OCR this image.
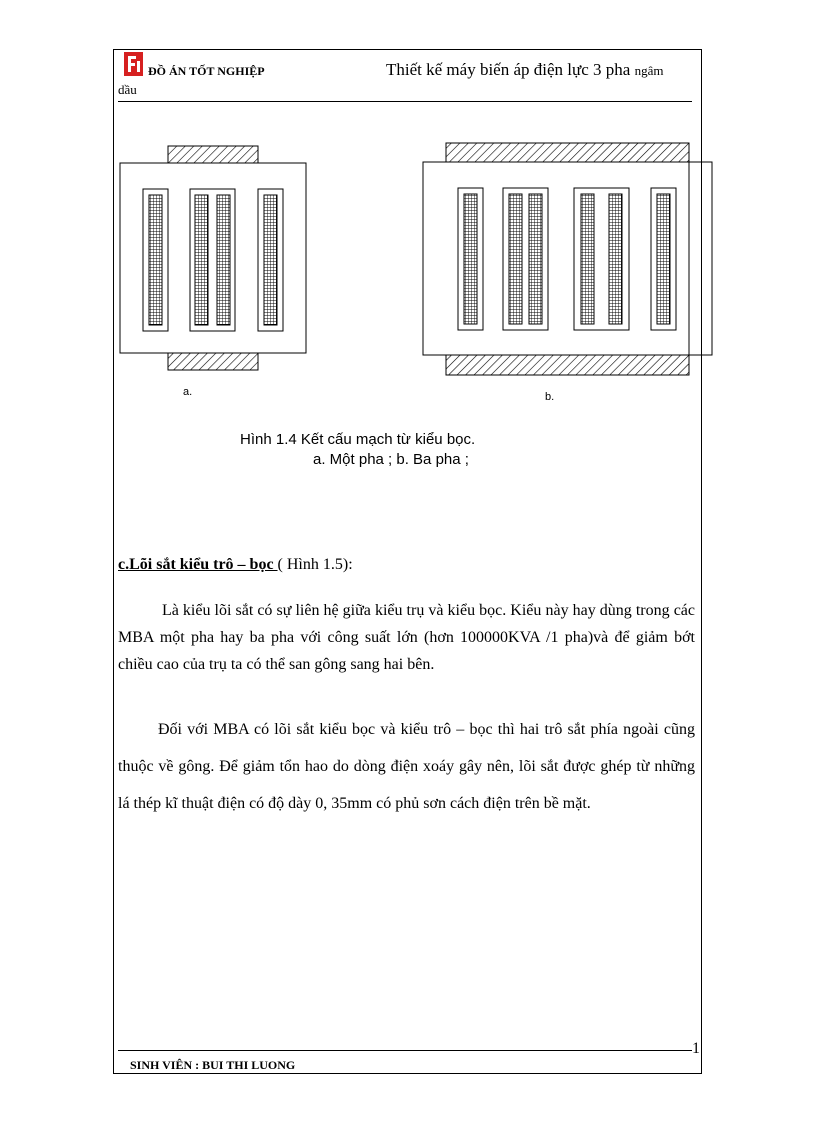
ĐỒ ÁN TỐT NGHIỆP	Thiết kế máy biến áp điện lực 3 pha ngâm
dầu
a.	b.
Hình 1.4 Kết cấu mạch từ kiểu bọc.
a. Một pha ; b. Ba pha ;
c.Lõi sắt kiểu trô – bọc ( Hình 1.5):

Là kiểu lõi sắt có sự liên hệ giữa kiểu trụ và kiểu bọc. Kiểu này hay dùng trong các MBA một pha hay ba pha với công suất lớn (hơn 100000KVA /1 pha)và để giảm bớt chiều cao của trụ ta có thể san gông sang hai bên.

Đối với MBA có lõi sắt kiểu bọc và kiểu trô – bọc thì hai trô sắt phía ngoài cũng thuộc về gông. Để giảm tổn hao do dòng điện xoáy gây nên, lõi sắt được ghép từ những lá thép kĩ thuật điện có độ dày 0, 35mm có phủ sơn cách điện trên bề mặt.

1
SINH VIÊN : BUI THI LUONG
